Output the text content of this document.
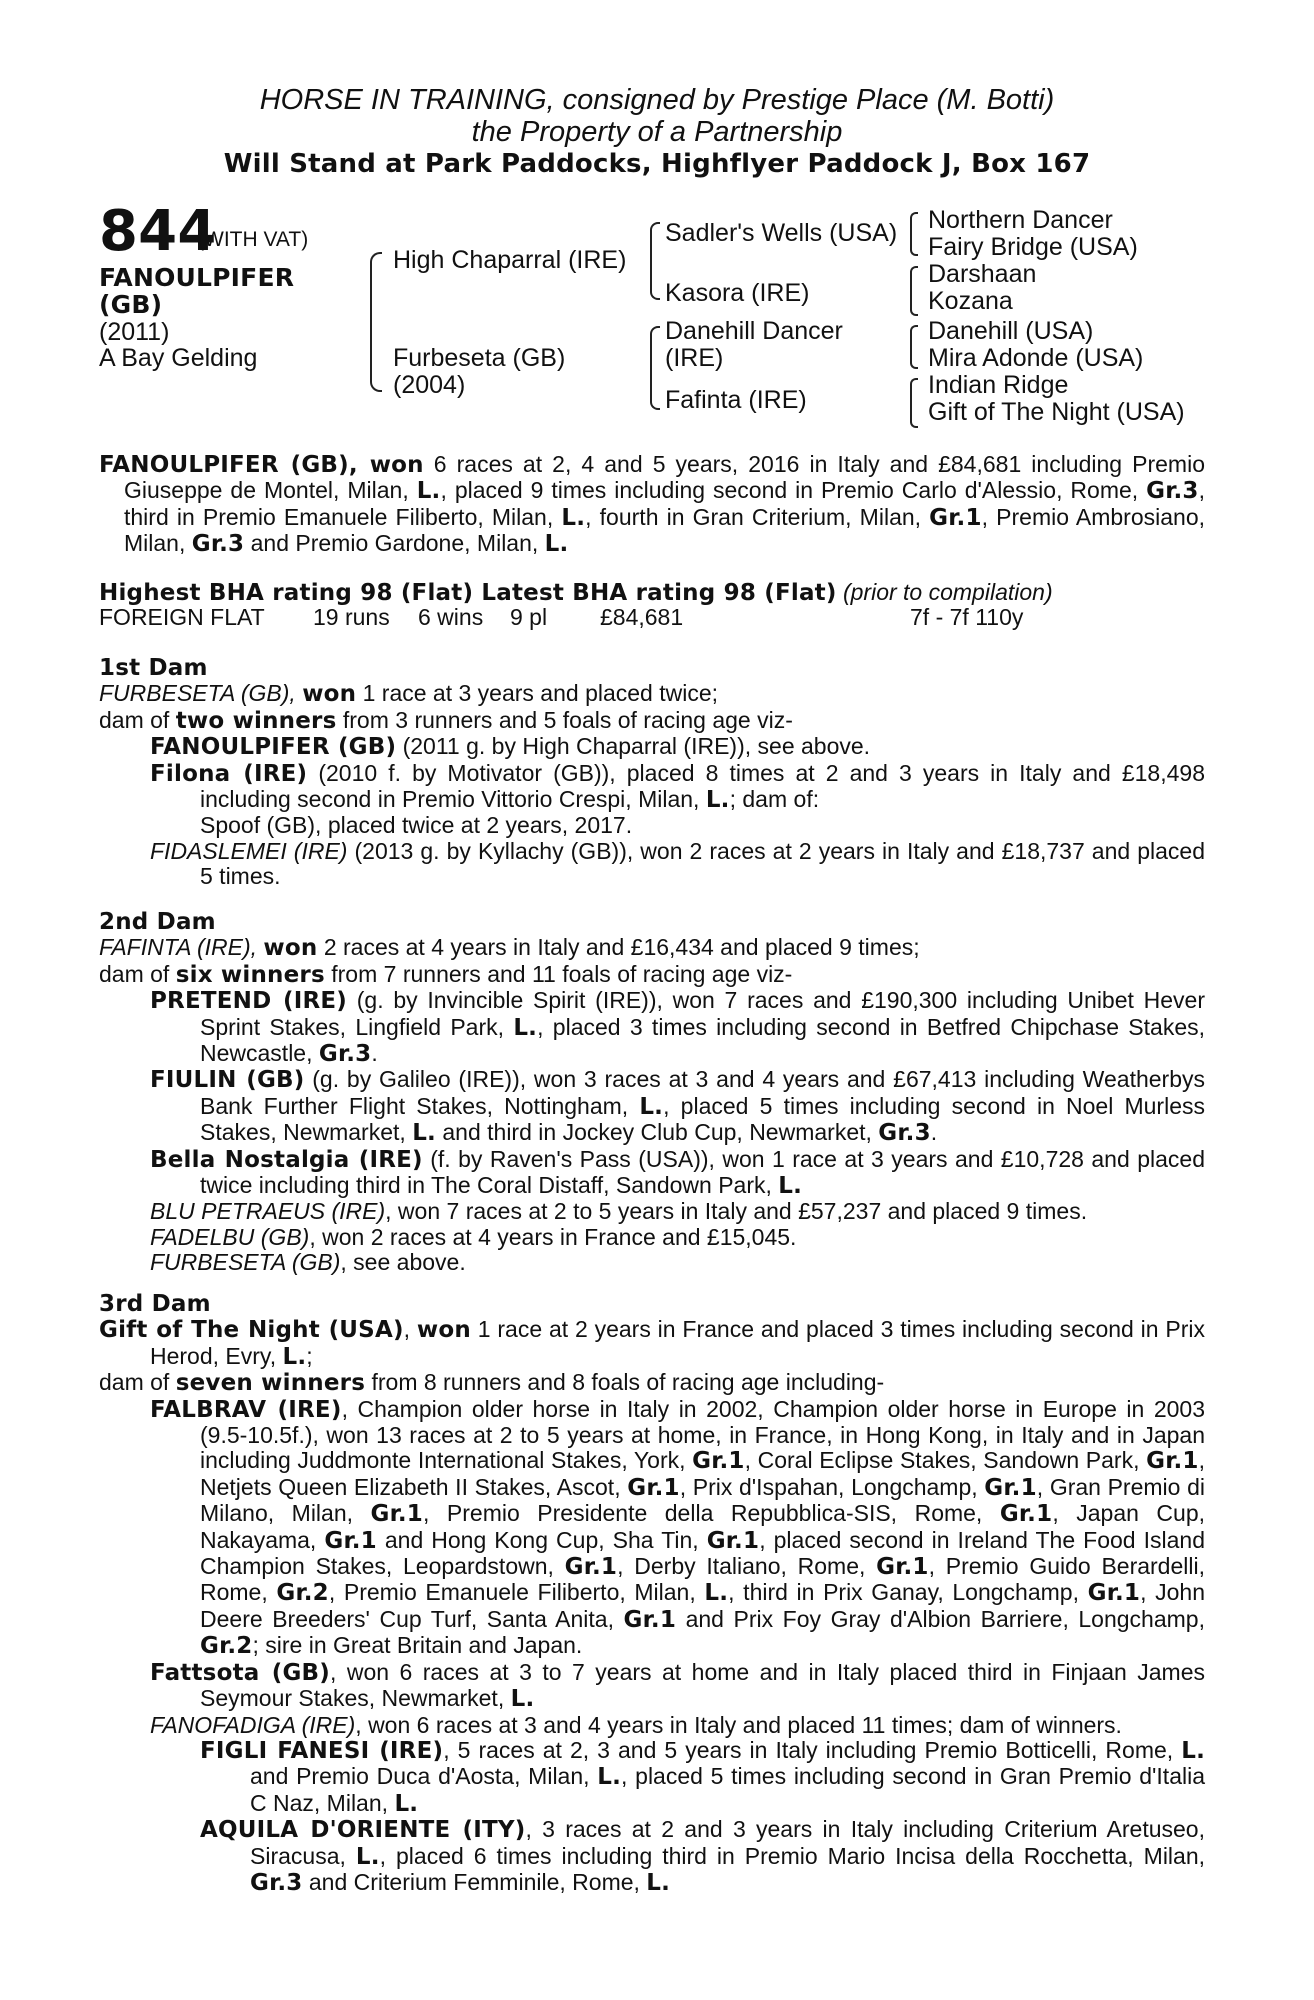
HORSE IN TRAINING, consigned by Prestige Place (M. Botti)
the Property of a Partnership
Will Stand at Park Paddocks, Highflyer Paddock J, Box 167
844
(WITH VAT)
FANOULPIFER
(GB)
(2011)
A Bay Gelding
High Chaparral (IRE)
Furbeseta (GB)
(2004)
Sadler's Wells (USA)
Kasora (IRE)
Danehill Dancer
(IRE)
Fafinta (IRE)
Northern Dancer
Fairy Bridge (USA)
Darshaan
Kozana
Danehill (USA)
Mira Adonde (USA)
Indian Ridge
Gift of The Night (USA)

FANOULPIFER (GB), won 6 races at 2, 4 and 5 years, 2016 in Italy and £84,681 including Premio Giuseppe de Montel, Milan, L., placed 9 times including second in Premio Carlo d'Alessio, Rome, Gr.3, third in Premio Emanuele Filiberto, Milan, L., fourth in Gran Criterium, Milan, Gr.1, Premio Ambrosiano, Milan, Gr.3 and Premio Gardone, Milan, L.

Highest BHA rating 98 (Flat) Latest BHA rating 98 (Flat) (prior to compilation)

FOREIGN FLAT 19 runs 6 wins 9 pl £84,681	7f - 7f 110y

1st Dam

FURBESETA (GB), won 1 race at 3 years and placed twice;

dam of two winners from 3 runners and 5 foals of racing age viz-

FANOULPIFER (GB) (2011 g. by High Chaparral (IRE)), see above.

Filona (IRE) (2010 f. by Motivator (GB)), placed 8 times at 2 and 3 years in Italy and £18,498 including second in Premio Vittorio Crespi, Milan, L.; dam of:

Spoof (GB), placed twice at 2 years, 2017.

FIDASLEMEI (IRE) (2013 g. by Kyllachy (GB)), won 2 races at 2 years in Italy and £18,737 and placed 5 times.

2nd Dam

FAFINTA (IRE), won 2 races at 4 years in Italy and £16,434 and placed 9 times;

dam of six winners from 7 runners and 11 foals of racing age viz-

PRETEND (IRE) (g. by Invincible Spirit (IRE)), won 7 races and £190,300 including Unibet Hever Sprint Stakes, Lingfield Park, L., placed 3 times including second in Betfred Chipchase Stakes, Newcastle, Gr.3.

FIULIN (GB) (g. by Galileo (IRE)), won 3 races at 3 and 4 years and £67,413 including Weatherbys Bank Further Flight Stakes, Nottingham, L., placed 5 times including second in Noel Murless Stakes, Newmarket, L. and third in Jockey Club Cup, Newmarket, Gr.3.

Bella Nostalgia (IRE) (f. by Raven's Pass (USA)), won 1 race at 3 years and £10,728 and placed twice including third in The Coral Distaff, Sandown Park, L.

BLU PETRAEUS (IRE), won 7 races at 2 to 5 years in Italy and £57,237 and placed 9 times.

FADELBU (GB), won 2 races at 4 years in France and £15,045.

FURBESETA (GB), see above.

3rd Dam

Gift of The Night (USA), won 1 race at 2 years in France and placed 3 times including second in Prix Herod, Evry, L.;

dam of seven winners from 8 runners and 8 foals of racing age including-

FALBRAV (IRE), Champion older horse in Italy in 2002, Champion older horse in Europe in 2003 (9.5-10.5f.), won 13 races at 2 to 5 years at home, in France, in Hong Kong, in Italy and in Japan including Juddmonte International Stakes, York, Gr.1, Coral Eclipse Stakes, Sandown Park, Gr.1, Netjets Queen Elizabeth II Stakes, Ascot, Gr.1, Prix d'Ispahan, Longchamp, Gr.1, Gran Premio di Milano, Milan, Gr.1, Premio Presidente della Repubblica-SIS, Rome, Gr.1, Japan Cup, Nakayama, Gr.1 and Hong Kong Cup, Sha Tin, Gr.1, placed second in Ireland The Food Island Champion Stakes, Leopardstown, Gr.1, Derby Italiano, Rome, Gr.1, Premio Guido Berardelli, Rome, Gr.2, Premio Emanuele Filiberto, Milan, L., third in Prix Ganay, Longchamp, Gr.1, John Deere Breeders' Cup Turf, Santa Anita, Gr.1 and Prix Foy Gray d'Albion Barriere, Longchamp, Gr.2; sire in Great Britain and Japan.

Fattsota (GB), won 6 races at 3 to 7 years at home and in Italy placed third in Finjaan James Seymour Stakes, Newmarket, L.

FANOFADIGA (IRE), won 6 races at 3 and 4 years in Italy and placed 11 times; dam of winners.

FIGLI FANESI (IRE), 5 races at 2, 3 and 5 years in Italy including Premio Botticelli, Rome, L. and Premio Duca d'Aosta, Milan, L., placed 5 times including second in Gran Premio d'Italia C Naz, Milan, L.

AQUILA D'ORIENTE (ITY), 3 races at 2 and 3 years in Italy including Criterium Aretuseo, Siracusa, L., placed 6 times including third in Premio Mario Incisa della Rocchetta, Milan, Gr.3 and Criterium Femminile, Rome, L.
